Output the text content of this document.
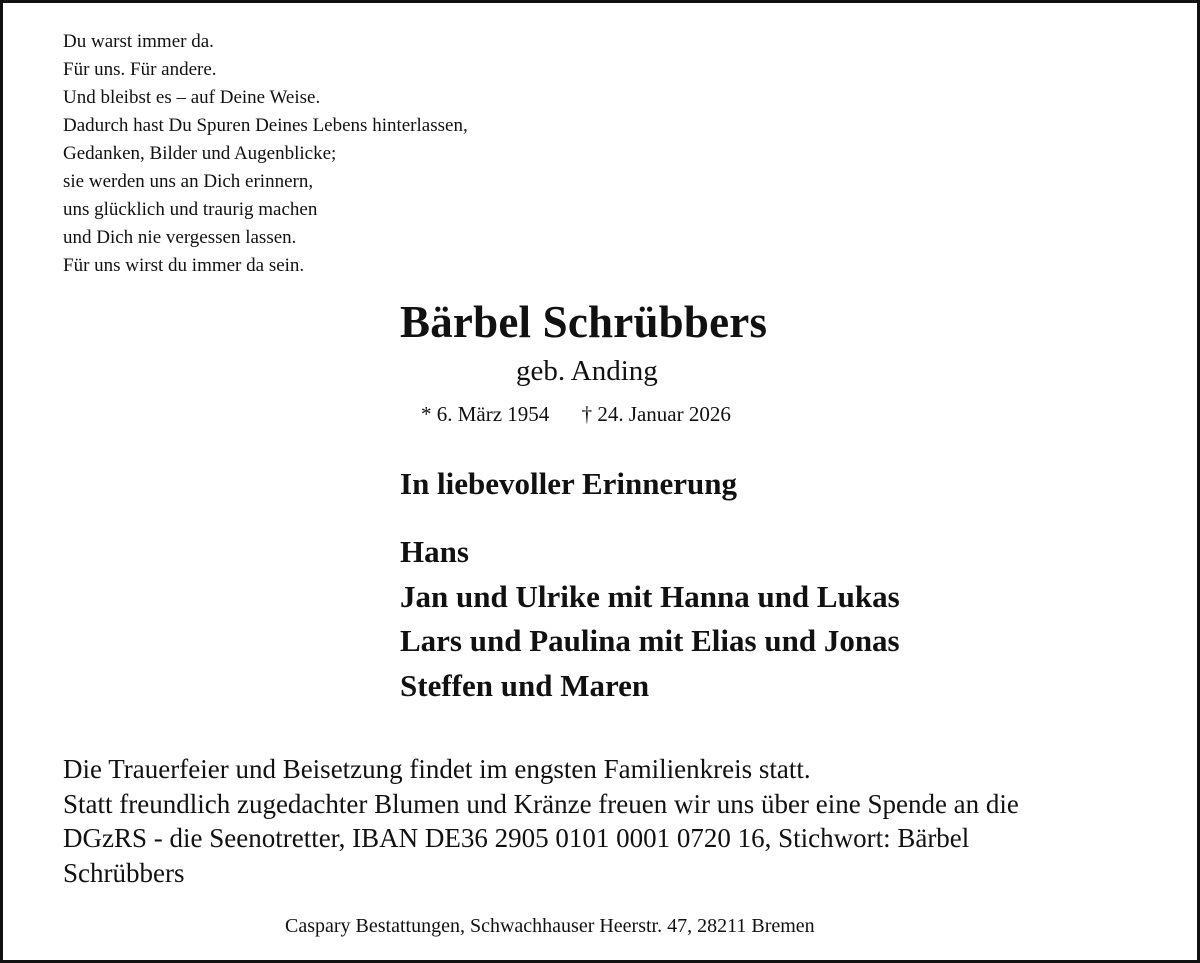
Du warst immer da.
Für uns. Für andere.
Und bleibst es – auf Deine Weise.
Dadurch hast Du Spuren Deines Lebens hinterlassen,
Gedanken, Bilder und Augenblicke;
sie werden uns an Dich erinnern,
uns glücklich und traurig machen
und Dich nie vergessen lassen.
Für uns wirst du immer da sein.
Bärbel Schrübbers
geb. Anding
* 6. März 1954 † 24. Januar 2026
In liebevoller Erinnerung
Hans
Jan und Ulrike mit Hanna und Lukas
Lars und Paulina mit Elias und Jonas
Steffen und Maren
Die Trauerfeier und Beisetzung findet im engsten Familienkreis statt.
Statt freundlich zugedachter Blumen und Kränze freuen wir uns über eine Spende an die
DGzRS - die Seenotretter, IBAN DE36 2905 0101 0001 0720 16, Stichwort: Bärbel
Schrübbers
Caspary Bestattungen, Schwachhauser Heerstr. 47, 28211 Bremen
